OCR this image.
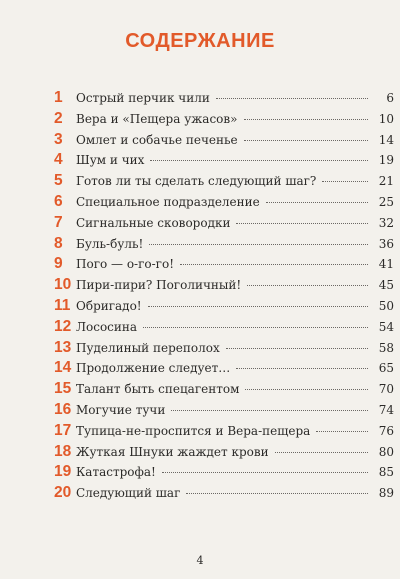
СОДЕРЖАНИЕ
1	Острый перчик чили	6
2	Вера и «Пещера ужасов»	10
3	Омлет и собачье печенье	14
4	Шум и чих	19
5	Готов ли ты сделать следующий шаг?	21
6	Специальное подразделение	25
7	Сигнальные сковородки	32
8	Буль-буль!	36
9	Пого — о-го-го!	41
10 Пири-пири? Поголичный!	45
11 Обригадо!	50
12 Лососина	54
13 Пуделиный переполох	58
14 Продолжение следует…	65
15 Талант быть спецагентом	70
16 Могучие тучи	74
17 Тупица-не-проспится и Вера-пещера	76
18 Жуткая Шнуки жаждет крови	80
19 Катастрофа!	85
20 Следующий шаг	89
4
